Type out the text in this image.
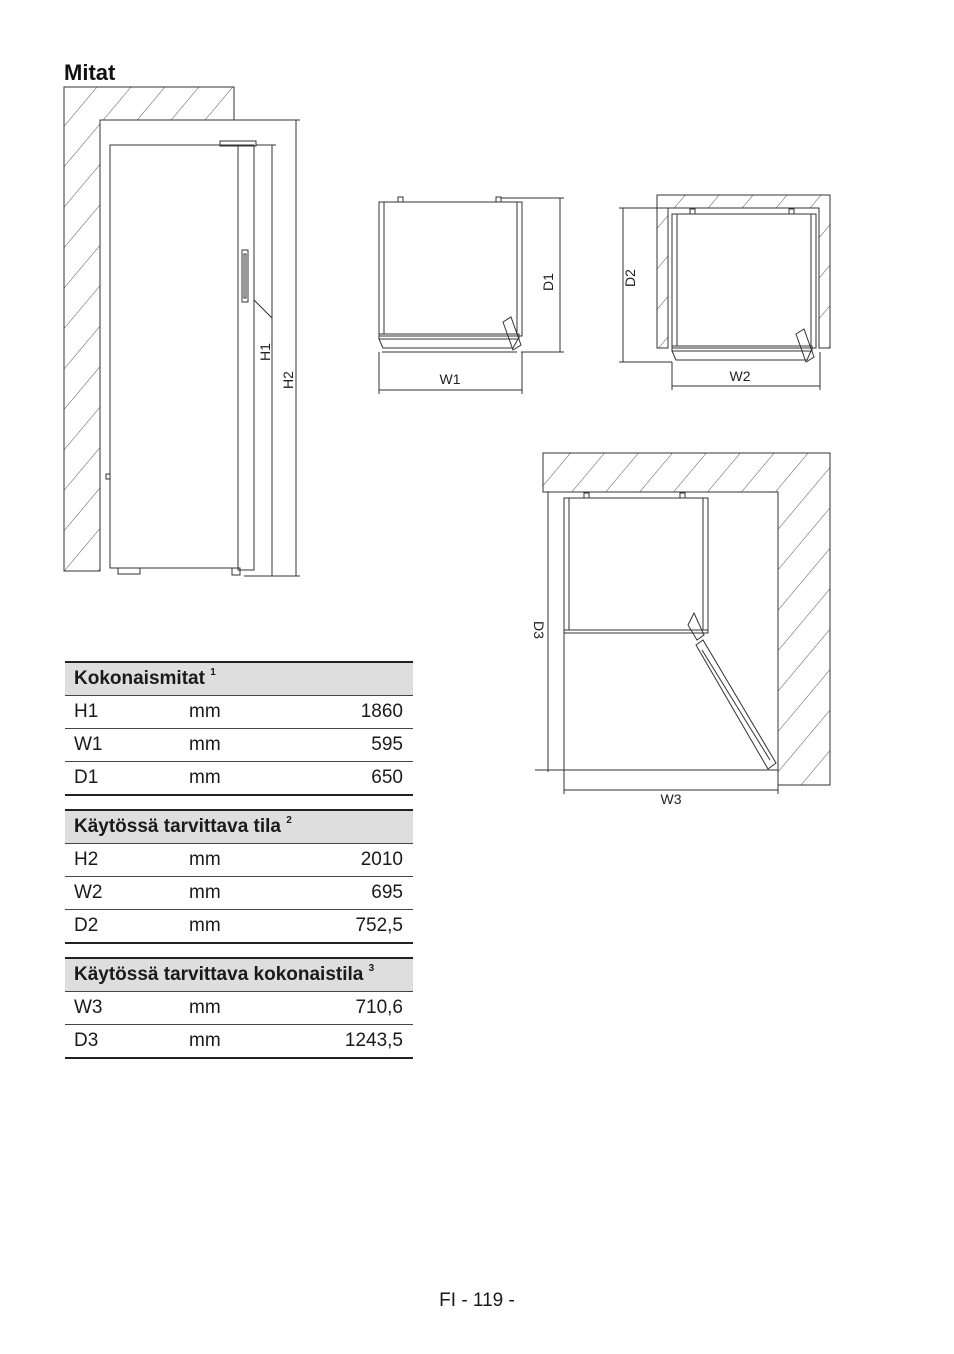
Mitat
H1
H2
D1
W1
D2
W2
D3
W3
Kokonaismitat $^1$
H1	mm	1860
W1	mm	595
D1	mm	650
Käytössä tarvittava tila $^2$
H2	mm	2010
W2	mm	695
D2	mm	752,5
Käytössä tarvittava kokonaistila $^3$
W3	mm	710,6
D3	mm	1243,5
FI - 119 -
